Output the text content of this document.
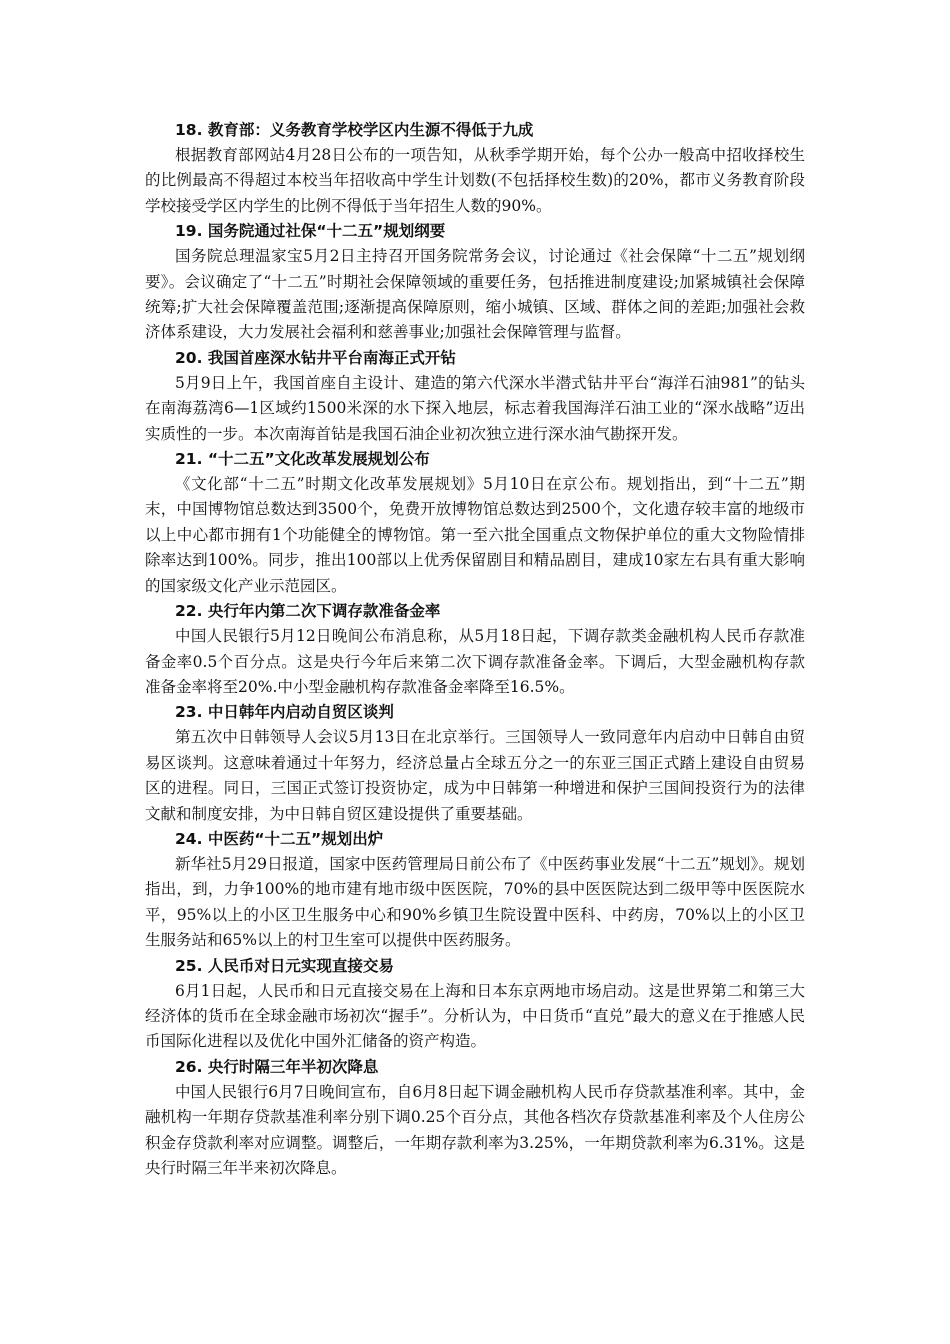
18. 教育部：义务教育学校学区内生源不得低于九成

根据教育部网站4月28日公布的一项告知，从秋季学期开始，每个公办一般高中招收择校生的比例最高不得超过本校当年招收高中学生计划数(不包括择校生数)的20%，都市义务教育阶段学校接受学区内学生的比例不得低于当年招生人数的90%。

19. 国务院通过社保“十二五”规划纲要

国务院总理温家宝5月2日主持召开国务院常务会议，讨论通过《社会保障“十二五”规划纲要》。会议确定了“十二五”时期社会保障领域的重要任务，包括推进制度建设;加紧城镇社会保障统筹;扩大社会保障覆盖范围;逐渐提高保障原则，缩小城镇、区域、群体之间的差距;加强社会救济体系建设，大力发展社会福利和慈善事业;加强社会保障管理与监督。

20. 我国首座深水钻井平台南海正式开钻

5月9日上午，我国首座自主设计、建造的第六代深水半潜式钻井平台“海洋石油981”的钻头在南海荔湾6—1区域约1500米深的水下探入地层，标志着我国海洋石油工业的“深水战略”迈出实质性的一步。本次南海首钻是我国石油企业初次独立进行深水油气勘探开发。

21. “十二五”文化改革发展规划公布

《文化部“十二五”时期文化改革发展规划》5月10日在京公布。规划指出，到“十二五”期末，中国博物馆总数达到3500个，免费开放博物馆总数达到2500个，文化遗存较丰富的地级市以上中心都市拥有1个功能健全的博物馆。第一至六批全国重点文物保护单位的重大文物险情排除率达到100%。同步，推出100部以上优秀保留剧目和精品剧目，建成10家左右具有重大影响的国家级文化产业示范园区。

22. 央行年内第二次下调存款准备金率

中国人民银行5月12日晚间公布消息称，从5月18日起，下调存款类金融机构人民币存款准备金率0.5个百分点。这是央行今年后来第二次下调存款准备金率。下调后，大型金融机构存款准备金率将至20%.中小型金融机构存款准备金率降至16.5%。

23. 中日韩年内启动自贸区谈判

第五次中日韩领导人会议5月13日在北京举行。三国领导人一致同意年内启动中日韩自由贸易区谈判。这意味着通过十年努力，经济总量占全球五分之一的东亚三国正式踏上建设自由贸易区的进程。同日，三国正式签订投资协定，成为中日韩第一种增进和保护三国间投资行为的法律文献和制度安排，为中日韩自贸区建设提供了重要基础。

24. 中医药“十二五”规划出炉

新华社5月29日报道，国家中医药管理局日前公布了《中医药事业发展“十二五”规划》。规划指出，到，力争100%的地市建有地市级中医医院，70%的县中医医院达到二级甲等中医医院水平，95%以上的小区卫生服务中心和90%乡镇卫生院设置中医科、中药房，70%以上的小区卫生服务站和65%以上的村卫生室可以提供中医药服务。

25. 人民币对日元实现直接交易

6月1日起，人民币和日元直接交易在上海和日本东京两地市场启动。这是世界第二和第三大经济体的货币在全球金融市场初次“握手”。分析认为，中日货币“直兑”最大的意义在于推感人民币国际化进程以及优化中国外汇储备的资产构造。

26. 央行时隔三年半初次降息

中国人民银行6月7日晚间宣布，自6月8日起下调金融机构人民币存贷款基准利率。其中，金融机构一年期存贷款基准利率分别下调0.25个百分点，其他各档次存贷款基准利率及个人住房公积金存贷款利率对应调整。调整后，一年期存款利率为3.25%，一年期贷款利率为6.31%。这是央行时隔三年半来初次降息。
